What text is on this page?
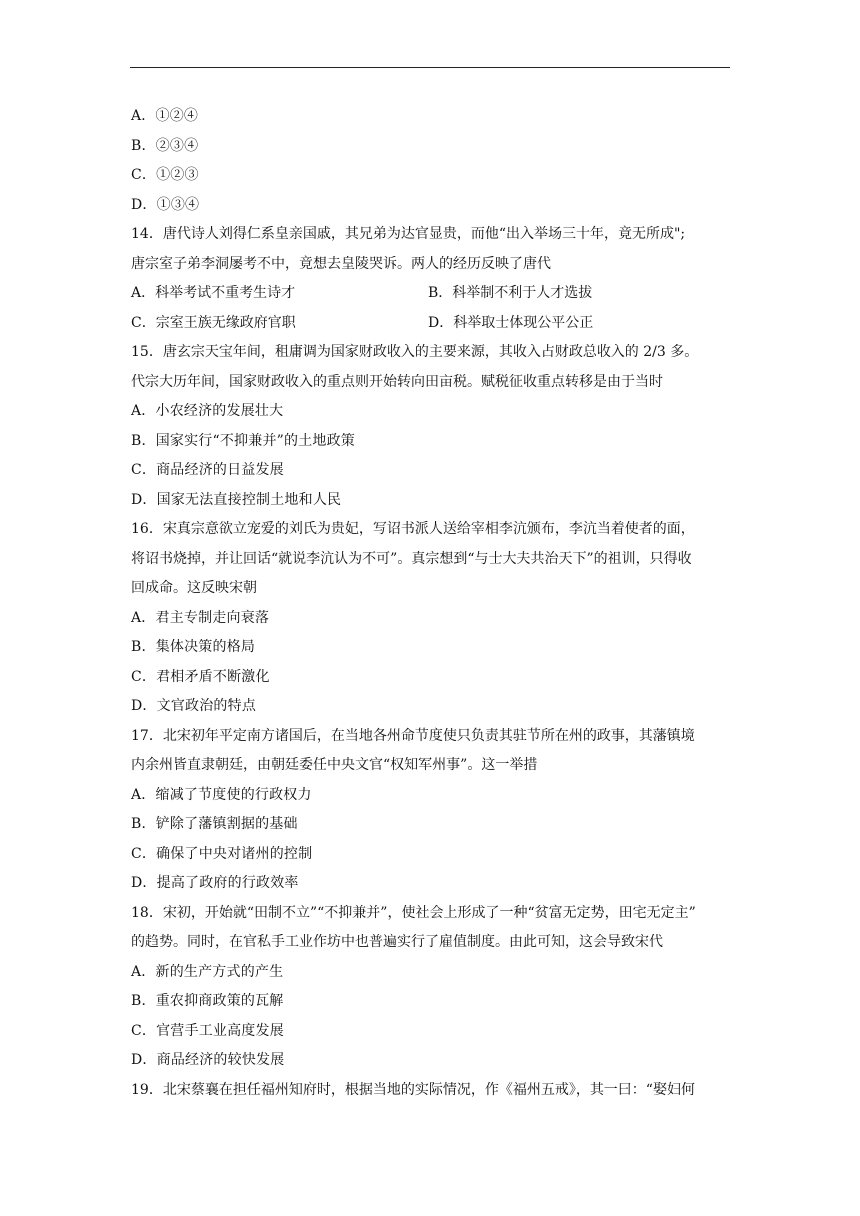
A．①②④
B．②③④
C．①②③
D．①③④
14．唐代诗人刘得仁系皇亲国戚，其兄弟为达官显贵，而他“出入举场三十年，竟无所成";
唐宗室子弟李洞屡考不中，竟想去皇陵哭诉。两人的经历反映了唐代
A．科举考试不重考生诗才	B．科举制不利于人才选拔
C．宗室王族无缘政府官职	D．科举取士体现公平公正
15．唐玄宗天宝年间，租庸调为国家财政收入的主要来源，其收入占财政总收入的 2/3 多。
代宗大历年间，国家财政收入的重点则开始转向田亩税。赋税征收重点转移是由于当时
A．小农经济的发展壮大
B．国家实行“不抑兼并”的土地政策
C．商品经济的日益发展
D．国家无法直接控制土地和人民
16．宋真宗意欲立宠爱的刘氏为贵妃，写诏书派人送给宰相李沆颁布，李沆当着使者的面，
将诏书烧掉，并让回话“就说李沆认为不可”。真宗想到“与士大夫共治天下”的祖训，只得收
回成命。这反映宋朝
A．君主专制走向衰落
B．集体决策的格局
C．君相矛盾不断激化
D．文官政治的特点
17．北宋初年平定南方诸国后，在当地各州命节度使只负责其驻节所在州的政事，其藩镇境
内余州皆直隶朝廷，由朝廷委任中央文官“权知军州事”。这一举措
A．缩减了节度使的行政权力
B．铲除了藩镇割据的基础
C．确保了中央对诸州的控制
D．提高了政府的行政效率
18．宋初，开始就“田制不立”“不抑兼并”，使社会上形成了一种“贫富无定势，田宅无定主”
的趋势。同时，在官私手工业作坊中也普遍实行了雇值制度。由此可知，这会导致宋代
A．新的生产方式的产生
B．重农抑商政策的瓦解
C．官营手工业高度发展
D．商品经济的较快发展
19．北宋蔡襄在担任福州知府时，根据当地的实际情况，作《福州五戒》，其一曰：“娶妇何
